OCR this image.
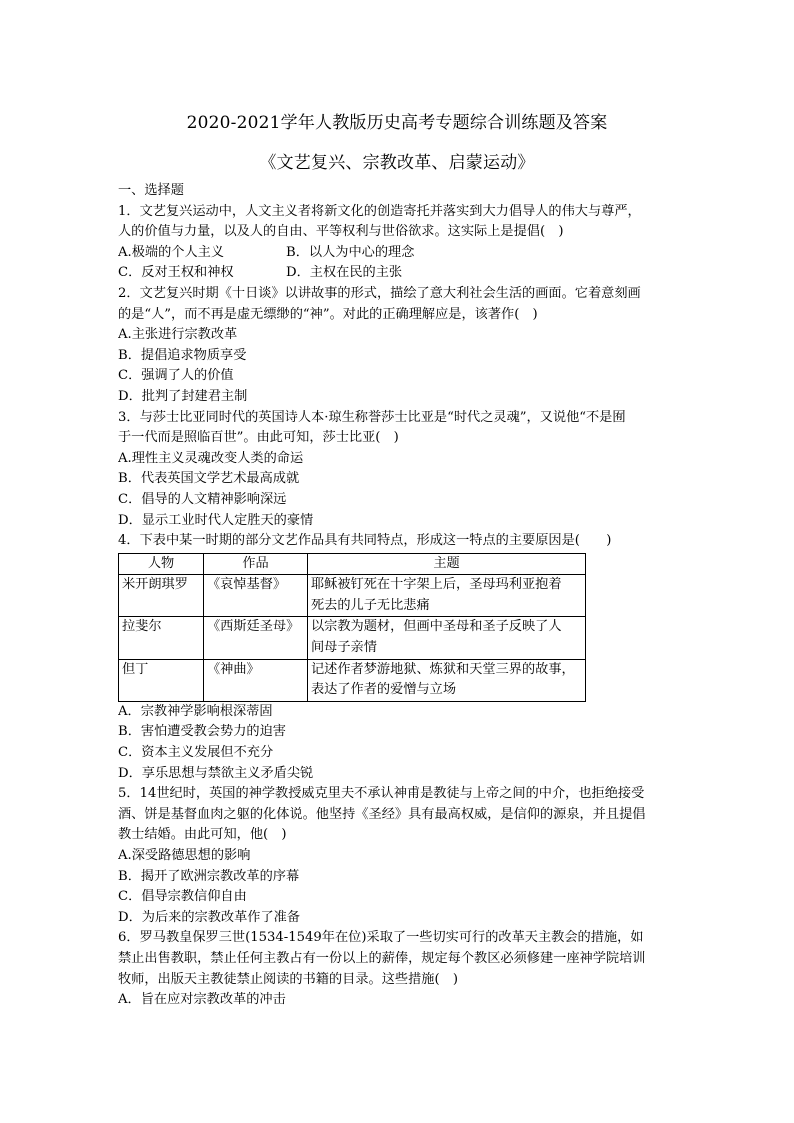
2020-2021学年人教版历史高考专题综合训练题及答案
《文艺复兴、宗教改革、启蒙运动》
一、选择题
1．文艺复兴运动中，人文主义者将新文化的创造寄托并落实到大力倡导人的伟大与尊严，
人的价值与力量，以及人的自由、平等权利与世俗欲求。这实际上是提倡(　)
A.极端的个人主义	B．以人为中心的理念
C．反对王权和神权	D．主权在民的主张
2．文艺复兴时期《十日谈》以讲故事的形式，描绘了意大利社会生活的画面。它着意刻画
的是“人”，而不再是虚无缥缈的“神”。对此的正确理解应是，该著作(　)
A.主张进行宗教改革
B．提倡追求物质享受
C．强调了人的价值
D．批判了封建君主制
3．与莎士比亚同时代的英国诗人本·琼生称誉莎士比亚是“时代之灵魂”，又说他“不是囿
于一代而是照临百世”。由此可知，莎士比亚(　)
A.理性主义灵魂改变人类的命运
B．代表英国文学艺术最高成就
C．倡导的人文精神影响深远
D．显示工业时代人定胜天的豪情
4．下表中某一时期的部分文艺作品具有共同特点，形成这一特点的主要原因是(　　)
人物	作品	主题
米开朗琪罗	《哀悼基督》	耶稣被钉死在十字架上后，圣母玛利亚抱着
死去的儿子无比悲痛

拉斐尔	《西斯廷圣母》	以宗教为题材，但画中圣母和圣子反映了人
间母子亲情

但丁	《神曲》	记述作者梦游地狱、炼狱和天堂三界的故事，
表达了作者的爱憎与立场
A．宗教神学影响根深蒂固
B．害怕遭受教会势力的迫害
C．资本主义发展但不充分
D．享乐思想与禁欲主义矛盾尖锐
5．14世纪时，英国的神学教授威克里夫不承认神甫是教徒与上帝之间的中介，也拒绝接受
酒、饼是基督血肉之躯的化体说。他坚持《圣经》具有最高权威，是信仰的源泉，并且提倡
教士结婚。由此可知，他(　)
A.深受路德思想的影响
B．揭开了欧洲宗教改革的序幕
C．倡导宗教信仰自由
D．为后来的宗教改革作了准备
6．罗马教皇保罗三世(1534-1549年在位)采取了一些切实可行的改革天主教会的措施，如
禁止出售教职，禁止任何主教占有一份以上的薪俸，规定每个教区必须修建一座神学院培训
牧师，出版天主教徒禁止阅读的书籍的目录。这些措施(　)
A．旨在应对宗教改革的冲击
